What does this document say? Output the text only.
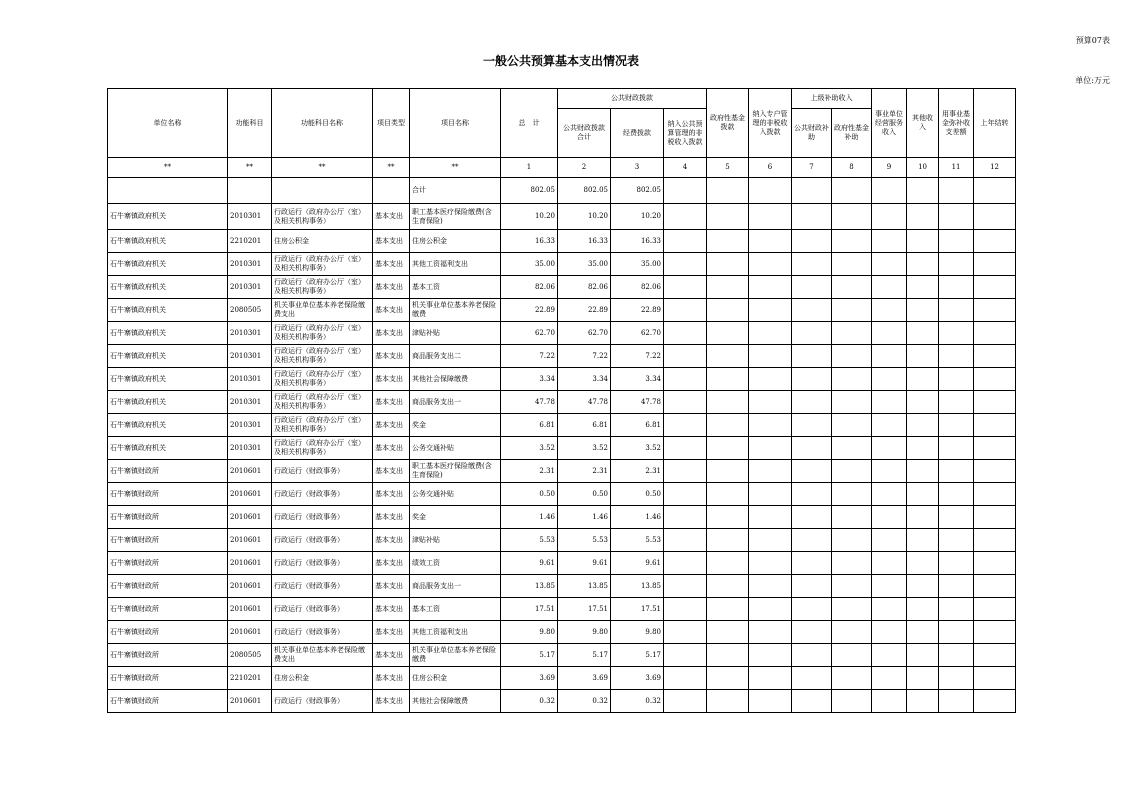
预算07表
一般公共预算基本支出情况表
单位:万元
单位名称	功能科目	功能科目名称	项目类型	项目名称	总　计	公共财政拨款			政府性基金拨款	纳入专户管理的非税收入拨款	上级补助收入		事业单位经营服务收入	其他收入	用事业基金弥补收支差额	上年结转
						公共财政拨款合计	经费拨款	纳入公共预算管理的非税收入拨款								
											公共财政补助	政府性基金补助				
**	**	**	**	**	1	2	3	4	5	6	7	8	9	10	11	12
				合计	802.05	802.05	802.05									
石牛寨镇政府机关	2010301	行政运行（政府办公厅（室）及相关机构事务）	基本支出	职工基本医疗保险缴费(含生育保险)	10.20	10.20	10.20									
石牛寨镇政府机关	2210201	住房公积金	基本支出	住房公积金	16.33	16.33	16.33									
石牛寨镇政府机关	2010301	行政运行（政府办公厅（室）及相关机构事务）	基本支出	其他工资福利支出	35.00	35.00	35.00									
石牛寨镇政府机关	2010301	行政运行（政府办公厅（室）及相关机构事务）	基本支出	基本工资	82.06	82.06	82.06									
石牛寨镇政府机关	2080505	机关事业单位基本养老保险缴费支出	基本支出	机关事业单位基本养老保险缴费	22.89	22.89	22.89									
石牛寨镇政府机关	2010301	行政运行（政府办公厅（室）及相关机构事务）	基本支出	津贴补贴	62.70	62.70	62.70									
石牛寨镇政府机关	2010301	行政运行（政府办公厅（室）及相关机构事务）	基本支出	商品服务支出二	7.22	7.22	7.22									
石牛寨镇政府机关	2010301	行政运行（政府办公厅（室）及相关机构事务）	基本支出	其他社会保障缴费	3.34	3.34	3.34									
石牛寨镇政府机关	2010301	行政运行（政府办公厅（室）及相关机构事务）	基本支出	商品服务支出一	47.78	47.78	47.78									
石牛寨镇政府机关	2010301	行政运行（政府办公厅（室）及相关机构事务）	基本支出	奖金	6.81	6.81	6.81									
石牛寨镇政府机关	2010301	行政运行（政府办公厅（室）及相关机构事务）	基本支出	公务交通补贴	3.52	3.52	3.52									
石牛寨镇财政所	2010601	行政运行（财政事务）	基本支出	职工基本医疗保险缴费(含生育保险)	2.31	2.31	2.31									
石牛寨镇财政所	2010601	行政运行（财政事务）	基本支出	公务交通补贴	0.50	0.50	0.50									
石牛寨镇财政所	2010601	行政运行（财政事务）	基本支出	奖金	1.46	1.46	1.46									
石牛寨镇财政所	2010601	行政运行（财政事务）	基本支出	津贴补贴	5.53	5.53	5.53									
石牛寨镇财政所	2010601	行政运行（财政事务）	基本支出	绩效工资	9.61	9.61	9.61									
石牛寨镇财政所	2010601	行政运行（财政事务）	基本支出	商品服务支出一	13.85	13.85	13.85									
石牛寨镇财政所	2010601	行政运行（财政事务）	基本支出	基本工资	17.51	17.51	17.51									
石牛寨镇财政所	2010601	行政运行（财政事务）	基本支出	其他工资福利支出	9.80	9.80	9.80									
石牛寨镇财政所	2080505	机关事业单位基本养老保险缴费支出	基本支出	机关事业单位基本养老保险缴费	5.17	5.17	5.17									
石牛寨镇财政所	2210201	住房公积金	基本支出	住房公积金	3.69	3.69	3.69									
石牛寨镇财政所	2010601	行政运行（财政事务）	基本支出	其他社会保障缴费	0.32	0.32	0.32									
